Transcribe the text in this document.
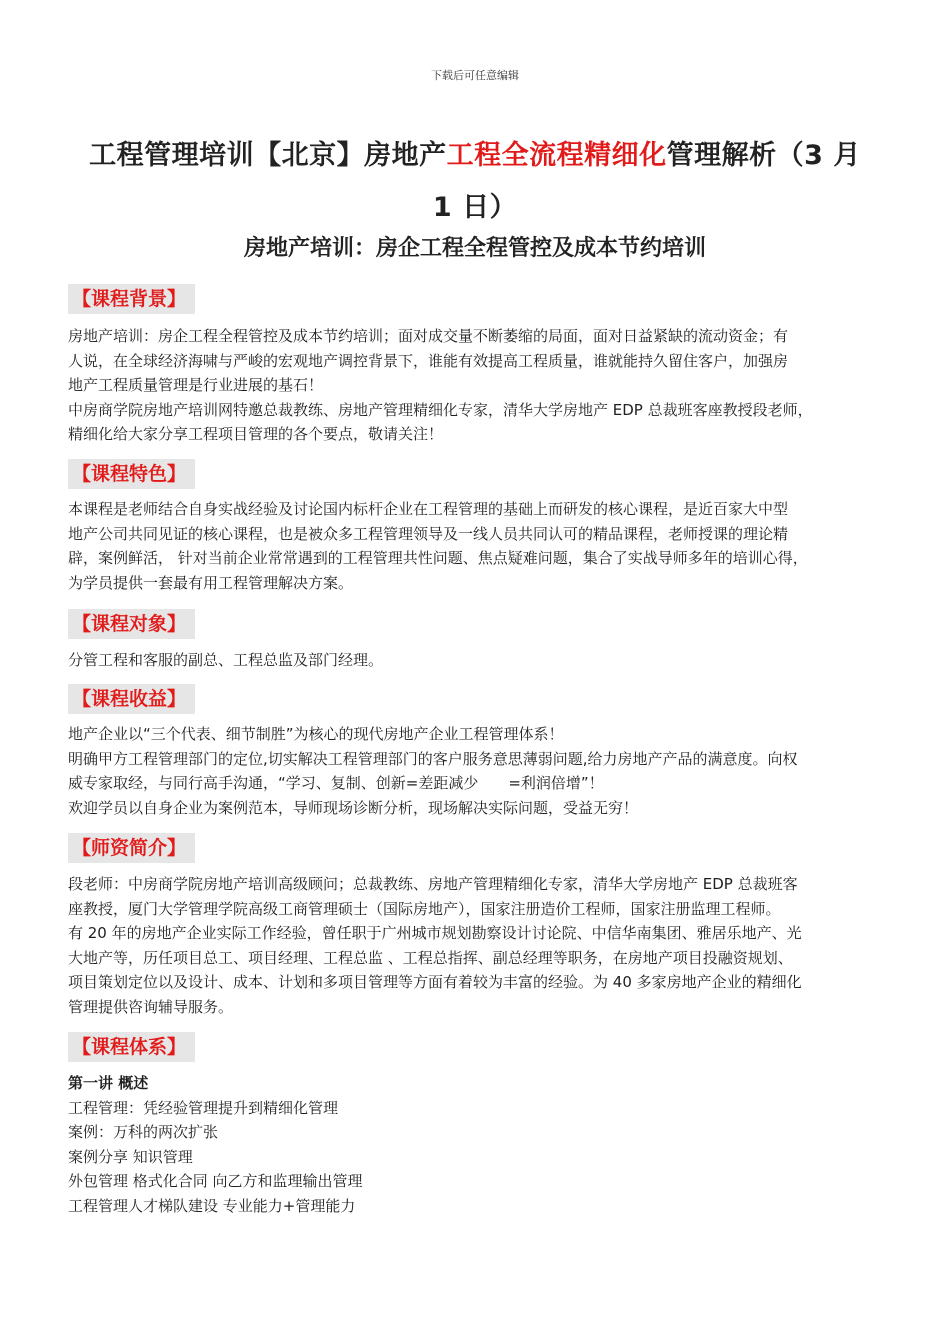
下载后可任意编辑
工程管理培训【北京】房地产工程全流程精细化管理解析（3 月
1 日）
房地产培训：房企工程全程管控及成本节约培训
【课程背景】

房地产培训：房企工程全程管控及成本节约培训；面对成交量不断萎缩的局面，面对日益紧缺的流动资金；有

人说，在全球经济海啸与严峻的宏观地产调控背景下，谁能有效提高工程质量，谁就能持久留住客户，加强房

地产工程质量管理是行业进展的基石！

中房商学院房地产培训网特邀总裁教练、房地产管理精细化专家，清华大学房地产 EDP 总裁班客座教授段老师，

精细化给大家分享工程项目管理的各个要点，敬请关注！

【课程特色】

本课程是老师结合自身实战经验及讨论国内标杆企业在工程管理的基础上而研发的核心课程，是近百家大中型

地产公司共同见证的核心课程，也是被众多工程管理领导及一线人员共同认可的精品课程，老师授课的理论精

辟，案例鲜活， 针对当前企业常常遇到的工程管理共性问题、焦点疑难问题，集合了实战导师多年的培训心得，

为学员提供一套最有用工程管理解决方案。

【课程对象】

分管工程和客服的副总、工程总监及部门经理。

【课程收益】

地产企业以“三个代表、细节制胜”为核心的现代房地产企业工程管理体系！

明确甲方工程管理部门的定位,切实解决工程管理部门的客户服务意思薄弱问题,给力房地产产品的满意度。向权

威专家取经，与同行高手沟通，“学习、复制、创新=差距减少　　=利润倍增”！

欢迎学员以自身企业为案例范本，导师现场诊断分析，现场解决实际问题，受益无穷！

【师资简介】

段老师：中房商学院房地产培训高级顾问；总裁教练、房地产管理精细化专家，清华大学房地产 EDP 总裁班客

座教授，厦门大学管理学院高级工商管理硕士（国际房地产），国家注册造价工程师，国家注册监理工程师。

有 20 年的房地产企业实际工作经验，曾任职于广州城市规划勘察设计讨论院、中信华南集团、雅居乐地产、光

大地产等，历任项目总工、项目经理、工程总监 、工程总指挥、副总经理等职务，在房地产项目投融资规划、

项目策划定位以及设计、成本、计划和多项目管理等方面有着较为丰富的经验。为 40 多家房地产企业的精细化

管理提供咨询辅导服务。

【课程体系】

第一讲 概述

工程管理：凭经验管理提升到精细化管理

案例：万科的两次扩张

案例分享 知识管理

外包管理 格式化合同 向乙方和监理输出管理

工程管理人才梯队建设 专业能力+管理能力
